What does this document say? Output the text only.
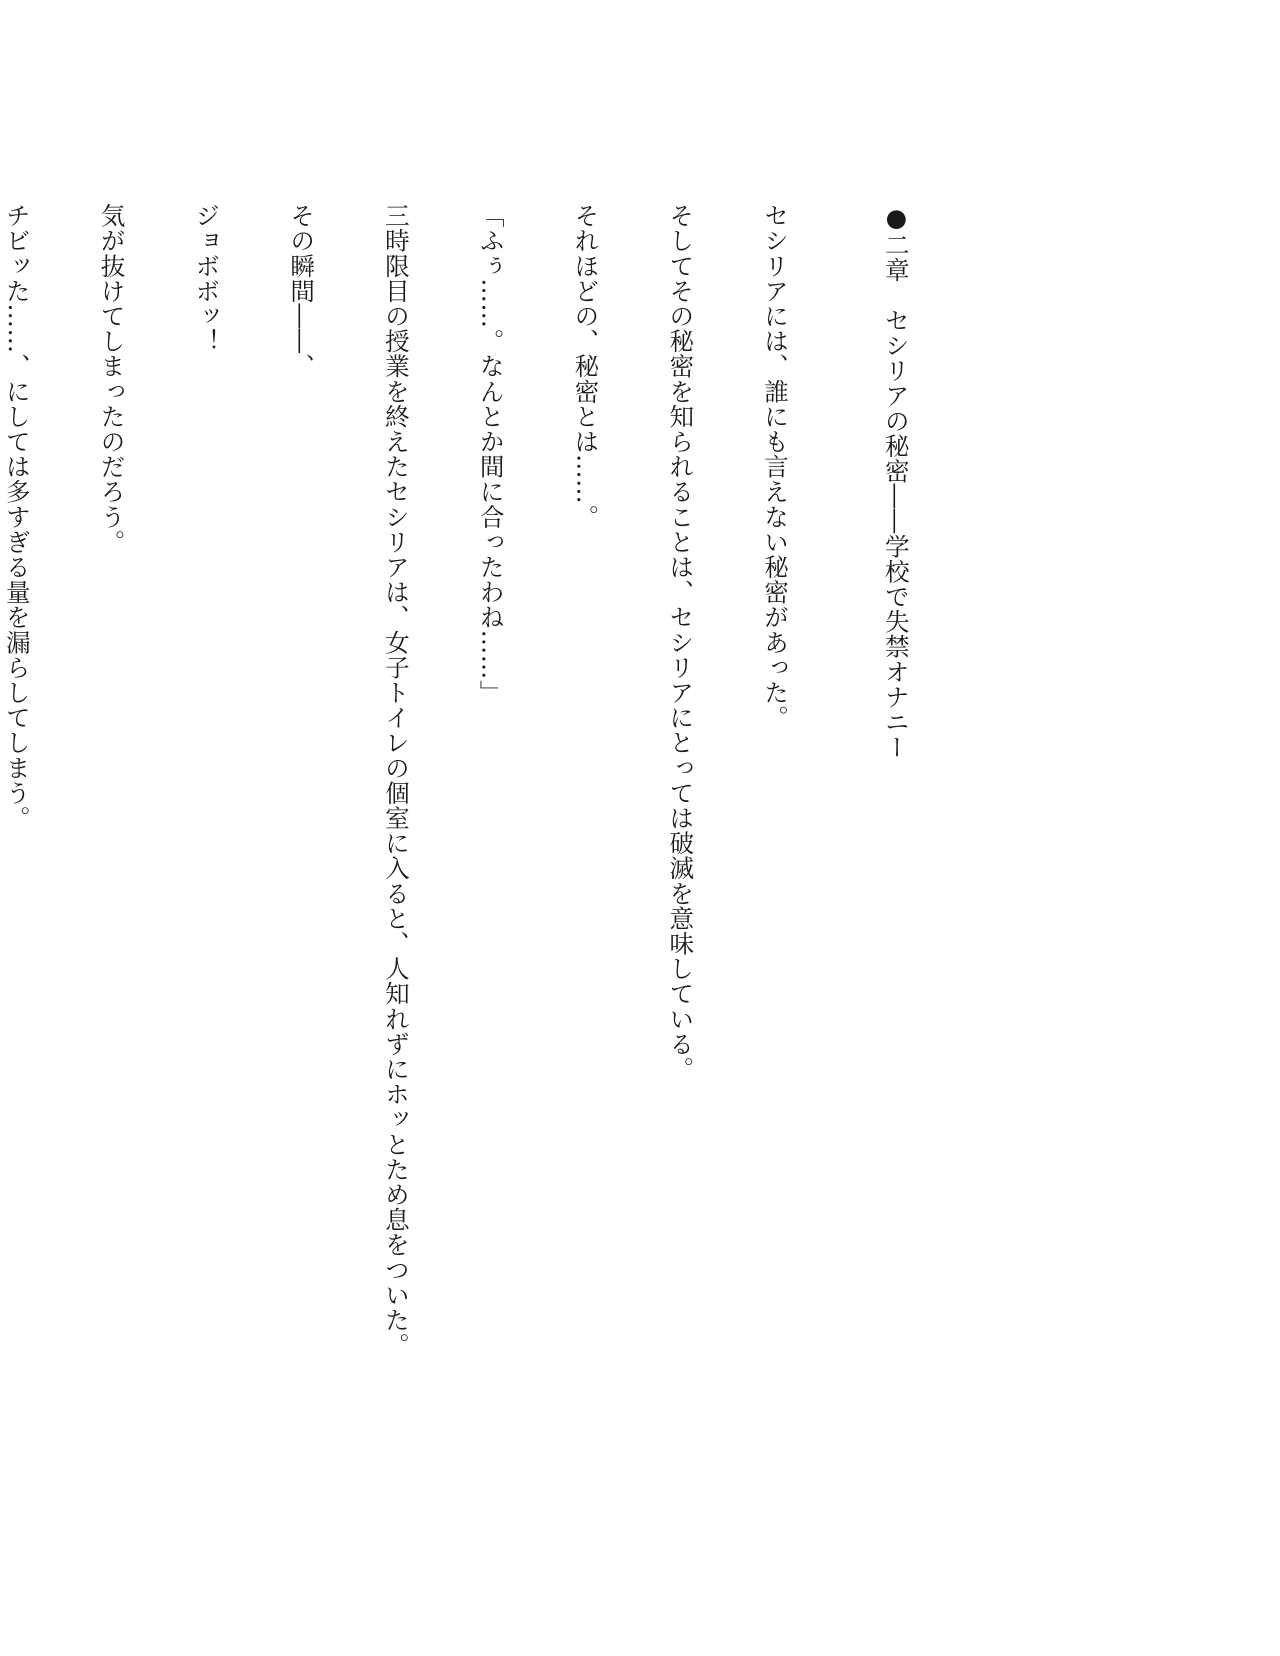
●二章　セシリアの秘密――学校で失禁オナニー

セシリアには、誰にも言えない秘密があった。

そしてその秘密を知られることは、セシリアにとっては破滅を意味している。

それほどの、秘密とは……。

「ふぅ……。なんとか間に合ったわね……」

三時限目の授業を終えたセシリアは、女子トイレの個室に入ると、人知れずにホッとため息をついた。

その瞬間――、

ジョボボッ！

気が抜けてしまったのだろう。

チビッた……、にしては多すぎる量を漏らしてしまう。
